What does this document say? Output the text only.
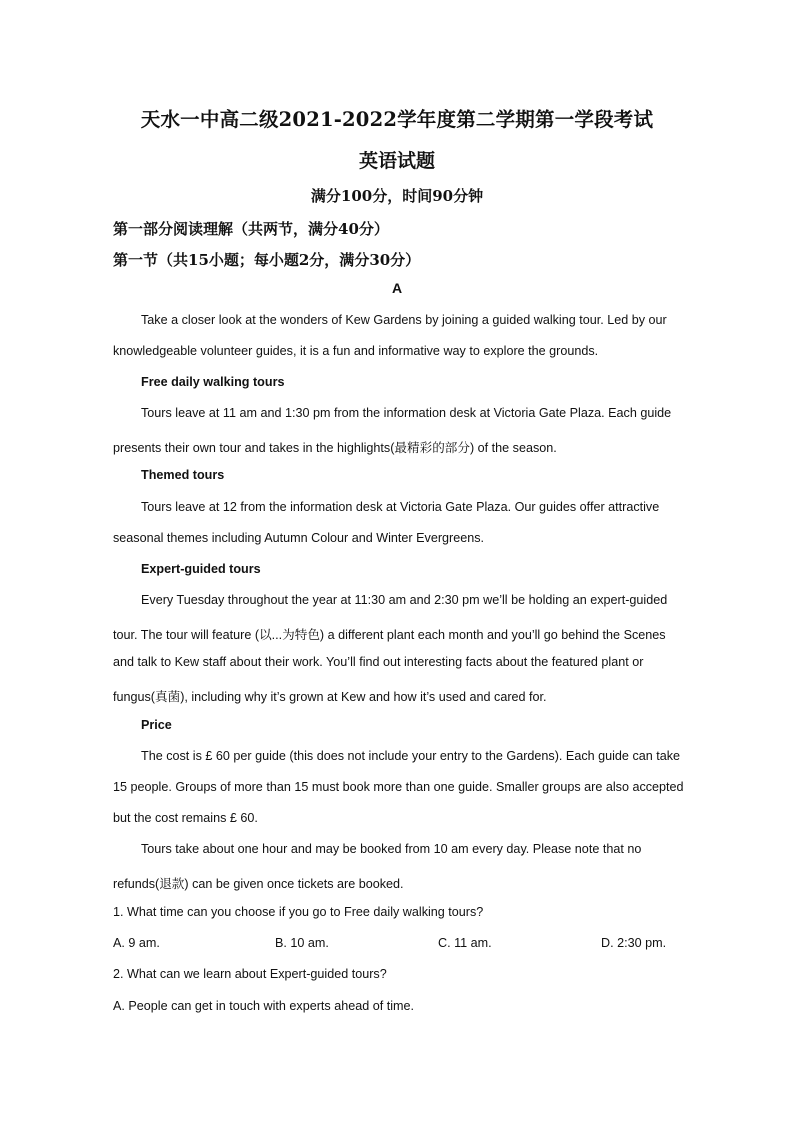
天水一中高二级2021-2022学年度第二学期第一学段考试
英语试题
满分100分，时间90分钟
第一部分阅读理解（共两节，满分40分）
第一节（共15小题；每小题2分，满分30分）
A
Take a closer look at the wonders of Kew Gardens by joining a guided walking tour. Led by our
knowledgeable volunteer guides, it is a fun and informative way to explore the grounds.
Free daily walking tours
Tours leave at 11 am and 1:30 pm from the information desk at Victoria Gate Plaza. Each guide
presents their own tour and takes in the highlights(最精彩的部分) of the season.
Themed tours
Tours leave at 12 from the information desk at Victoria Gate Plaza. Our guides offer attractive
seasonal themes including Autumn Colour and Winter Evergreens.
Expert-guided tours
Every Tuesday throughout the year at 11:30 am and 2:30 pm we’ll be holding an expert-guided
tour. The tour will feature (以...为特色) a different plant each month and you’ll go behind the Scenes
and talk to Kew staff about their work. You’ll find out interesting facts about the featured plant or
fungus(真菌), including why it’s grown at Kew and how it’s used and cared for.
Price
The cost is £ 60 per guide (this does not include your entry to the Gardens). Each guide can take
15 people. Groups of more than 15 must book more than one guide. Smaller groups are also accepted
but the cost remains £ 60.
Tours take about one hour and may be booked from 10 am every day. Please note that no
refunds(退款) can be given once tickets are booked.
1. What time can you choose if you go to Free daily walking tours?
A. 9 am.	B. 10 am.	C. 11 am.	D. 2:30 pm.
2. What can we learn about Expert-guided tours?
A. People can get in touch with experts ahead of time.
